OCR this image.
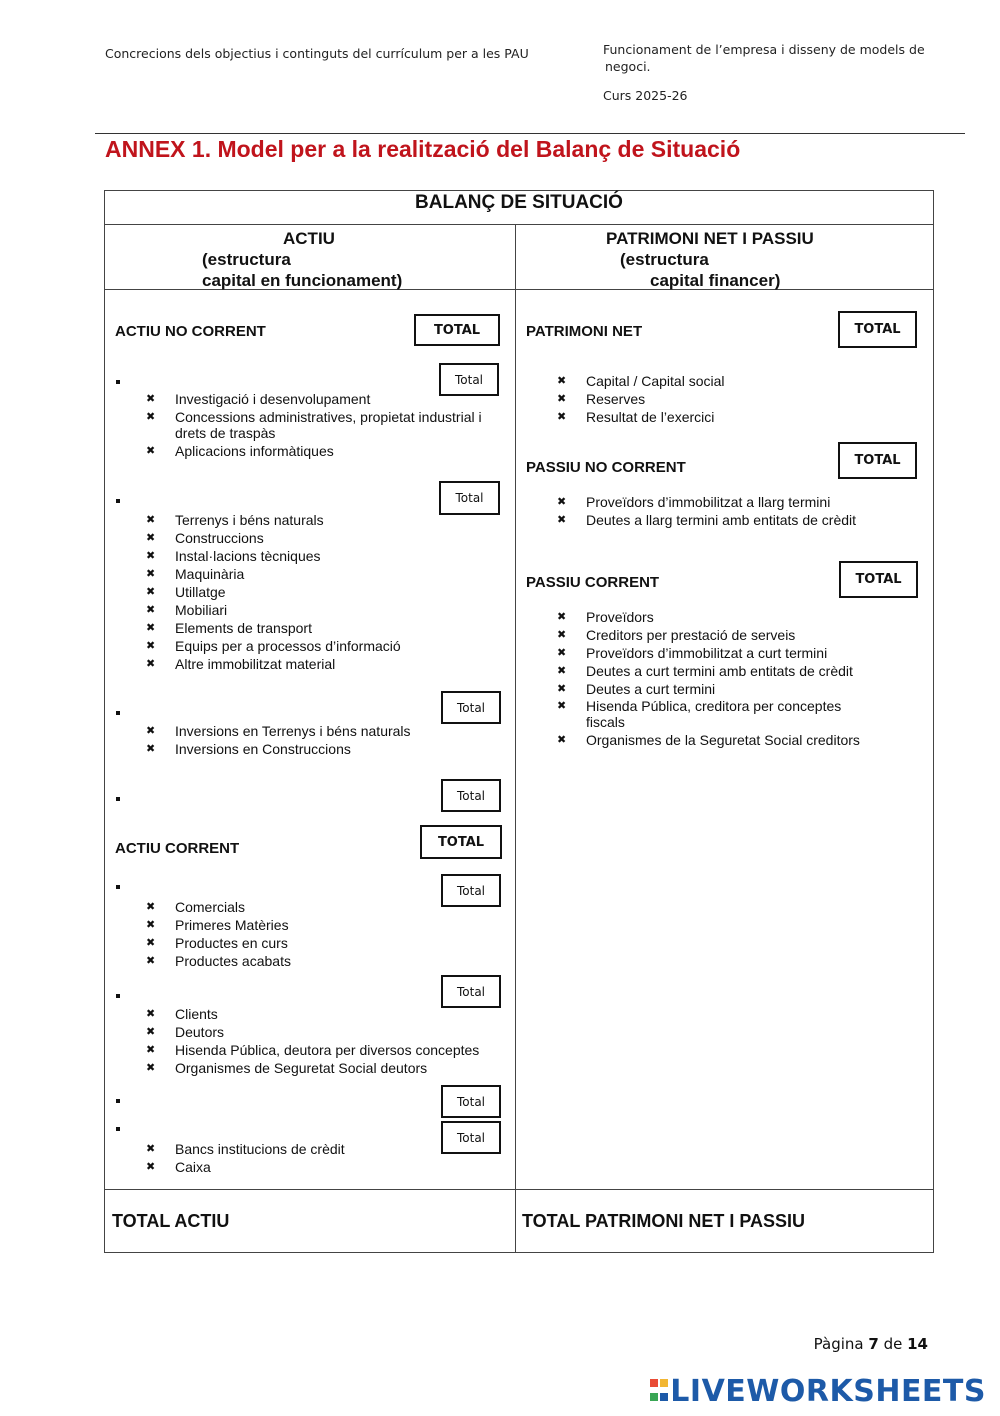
Concrecions dels objectius i continguts del currículum per a les PAU	Funcionament de l’empresa i disseny de models de
negoci.
Curs 2025-26
ANNEX 1. Model per a la realització del Balanç de Situació
BALANÇ DE SITUACIÓ
ACTIU
(estructura
capital en funcionament)
PATRIMONI NET I PASSIU
(estructura
capital financer)
ACTIU NO CORRENT	TOTAL
Total
✖ Investigació i desenvolupament
✖ Concessions administratives, propietat industrial i drets de traspàs
✖ Aplicacions informàtiques
Total
✖ Terrenys i béns naturals
✖ Construccions
✖ Instal·lacions tècniques
✖ Maquinària
✖ Utillatge
✖ Mobiliari
✖ Elements de transport
✖ Equips per a processos d’informació
✖ Altre immobilitzat material
Total
✖ Inversions en Terrenys i béns naturals
✖ Inversions en Construccions
Total
ACTIU CORRENT	TOTAL
Total
✖ Comercials
✖ Primeres Matèries
✖ Productes en curs
✖ Productes acabats
Total
✖ Clients
✖ Deutors
✖ Hisenda Pública, deutora per diversos conceptes
✖ Organismes de Seguretat Social deutors
Total
Total
✖ Bancs institucions de crèdit
✖ Caixa
PATRIMONI NET	TOTAL
✖ Capital / Capital social
✖ Reserves
✖ Resultat de l’exercici
PASSIU NO CORRENT	TOTAL
✖ Proveïdors d’immobilitzat a llarg termini
✖ Deutes a llarg termini amb entitats de crèdit
PASSIU CORRENT	TOTAL
✖ Proveïdors
✖ Creditors per prestació de serveis
✖ Proveïdors d’immobilitzat a curt termini
✖ Deutes a curt termini amb entitats de crèdit
✖ Deutes a curt termini
✖ Hisenda Pública, creditora per conceptes fiscals
✖ Organismes de la Seguretat Social creditors
TOTAL ACTIU	TOTAL PATRIMONI NET I PASSIU
Pàgina 7 de 14
LIVEWORKSHEETS
